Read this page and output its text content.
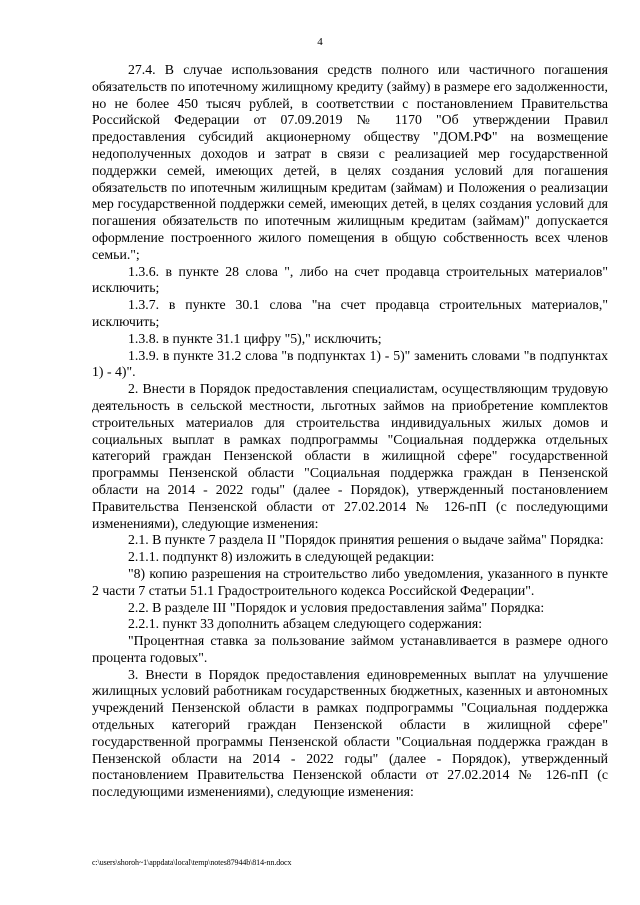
4

27.4. В случае использования средств полного или частичного погашения обязательств по ипотечному жилищному кредиту (займу) в размере его задолженности, но не более 450 тысяч рублей, в соответствии с постановлением Правительства Российской Федерации от 07.09.2019 № 1170 "Об утверждении Правил предоставления субсидий акционерному обществу "ДОМ.РФ" на возмещение недополученных доходов и затрат в связи с реализацией мер государственной поддержки семей, имеющих детей, в целях создания условий для погашения обязательств по ипотечным жилищным кредитам (займам) и Положения о реализации мер государственной поддержки семей, имеющих детей, в целях создания условий для погашения обязательств по ипотечным жилищным кредитам (займам)" допускается оформление построенного жилого помещения в общую собственность всех членов семьи.";

1.3.6. в пункте 28 слова ", либо на счет продавца строительных материалов" исключить;

1.3.7. в пункте 30.1 слова "на счет продавца строительных материалов," исключить;

1.3.8. в пункте 31.1 цифру "5)," исключить;

1.3.9. в пункте 31.2 слова "в подпунктах 1) - 5)" заменить словами "в подпунктах 1) - 4)".

2. Внести в Порядок предоставления специалистам, осуществляющим трудовую деятельность в сельской местности, льготных займов на приобретение комплектов строительных материалов для строительства индивидуальных жилых домов и социальных выплат в рамках подпрограммы "Социальная поддержка отдельных категорий граждан Пензенской области в жилищной сфере" государственной программы Пензенской области "Социальная поддержка граждан в Пензенской области на 2014 - 2022 годы" (далее - Порядок), утвержденный постановлением Правительства Пензенской области от 27.02.2014 № 126-пП (с последующими изменениями), следующие изменения:

2.1. В пункте 7 раздела II "Порядок принятия решения о выдаче займа" Порядка:

2.1.1. подпункт 8) изложить в следующей редакции:

"8) копию разрешения на строительство либо уведомления, указанного в пункте 2 части 7 статьи 51.1 Градостроительного кодекса Российской Федерации".

2.2. В разделе III "Порядок и условия предоставления займа" Порядка:

2.2.1. пункт 33 дополнить абзацем следующего содержания:

"Процентная ставка за пользование займом устанавливается в размере одного процента годовых".

3. Внести в Порядок предоставления единовременных выплат на улучшение жилищных условий работникам государственных бюджетных, казенных и автономных учреждений Пензенской области в рамках подпрограммы "Социальная поддержка отдельных категорий граждан Пензенской области в жилищной сфере" государственной программы Пензенской области "Социальная поддержка граждан в Пензенской области на 2014 - 2022 годы" (далее - Порядок), утвержденный постановлением Правительства Пензенской области от 27.02.2014 № 126-пП (с последующими изменениями), следующие изменения:

c:\users\shoroh~1\appdata\local\temp\notes87944b\814-nn.docx
